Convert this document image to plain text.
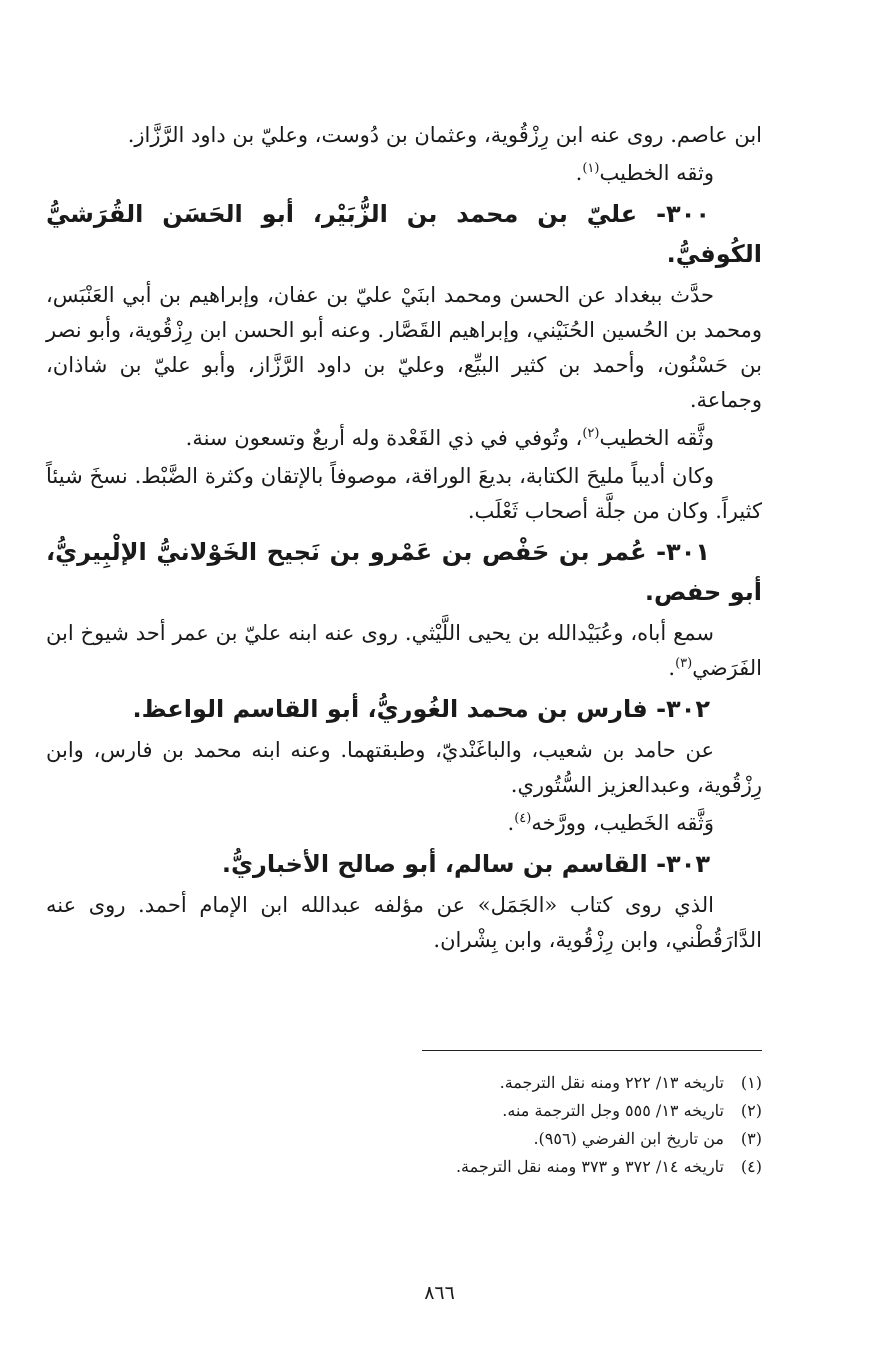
ابن عاصم. روى عنه ابن رِزْقُوية، وعثمان بن دُوست، وعليّ بن داود الرَّزَّاز.

وثقه الخطيب$^{(١)}$.

٣٠٠- عليّ بن محمد بن الزُّبَيْر، أبو الحَسَن القُرَشيُّ الكُوفيُّ.

حدَّث ببغداد عن الحسن ومحمد ابنَيْ عليّ بن عفان، وإبراهيم بن أبي العَنْبَس، ومحمد بن الحُسين الحُنَيْني، وإبراهيم القَصَّار. وعنه أبو الحسن ابن رِزْقُوية، وأبو نصر بن حَسْنُون، وأحمد بن كثير البيِّع، وعليّ بن داود الرَّزَّاز، وأبو عليّ بن شاذان، وجماعة.

وثَّقه الخطيب$^{(٢)}$، وتُوفي في ذي القَعْدة وله أربعٌ وتسعون سنة.

وكان أديباً مليحَ الكتابة، بديعَ الوراقة، موصوفاً بالإتقان وكثرة الضَّبْط. نسخَ شيئاً كثيراً. وكان من جلَّة أصحاب ثَعْلَب.

٣٠١- عُمر بن حَفْص بن عَمْرو بن نَجيح الخَوْلانيُّ الإلْبِيريُّ، أبو حفص.

سمع أباه، وعُبَيْدالله بن يحيى اللَّيْثي. روى عنه ابنه عليّ بن عمر أحد شيوخ ابن الفَرَضي$^{(٣)}$.

٣٠٢- فارس بن محمد الغُوريُّ، أبو القاسم الواعظ.

عن حامد بن شعيب، والباغَنْديّ، وطبقتهما. وعنه ابنه محمد بن فارس، وابن رِزْقُوية، وعبدالعزيز السُّتُوري.

وَثَّقه الخَطيب، وورَّخه$^{(٤)}$.

٣٠٣- القاسم بن سالم، أبو صالح الأخباريُّ.

الذي روى كتاب «الجَمَل» عن مؤلفه عبدالله ابن الإمام أحمد. روى عنه الدَّارَقُطْني، وابن رِزْقُوية، وابن بِشْران.

(١)تاريخه ١٣/ ٢٢٢ ومنه نقل الترجمة.
(٢)تاريخه ١٣/ ٥٥٥ وجل الترجمة منه.
(٣)من تاريخ ابن الفرضي (٩٥٦).
(٤)تاريخه ١٤/ ٣٧٢ و ٣٧٣ ومنه نقل الترجمة.
٨٦٦
